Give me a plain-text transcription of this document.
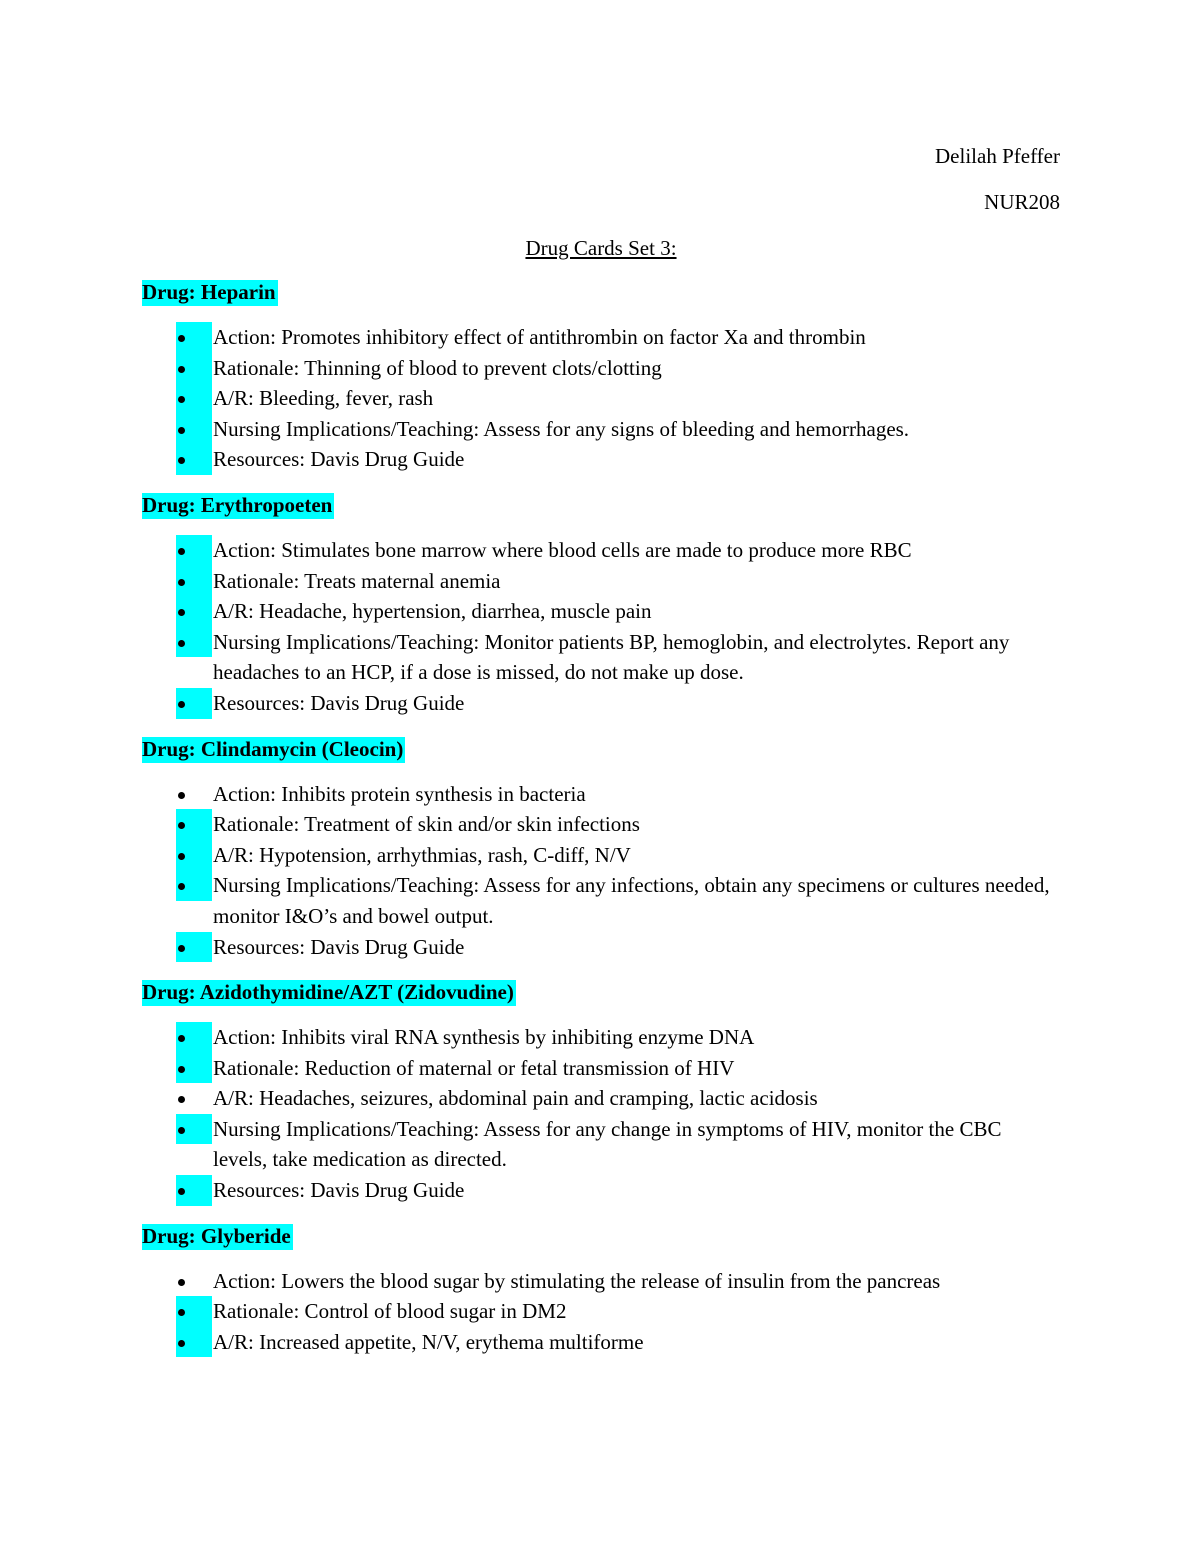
Delilah Pfeffer
NUR208
Drug Cards Set 3:
Drug: Heparin
Action: Promotes inhibitory effect of antithrombin on factor Xa and thrombin
Rationale: Thinning of blood to prevent clots/clotting
A/R: Bleeding, fever, rash
Nursing Implications/Teaching: Assess for any signs of bleeding and hemorrhages.
Resources: Davis Drug Guide
Drug: Erythropoeten
Action: Stimulates bone marrow where blood cells are made to produce more RBC
Rationale: Treats maternal anemia
A/R: Headache, hypertension, diarrhea, muscle pain
Nursing Implications/Teaching: Monitor patients BP, hemoglobin, and electrolytes. Report any headaches to an HCP, if a dose is missed, do not make up dose.
Resources: Davis Drug Guide
Drug: Clindamycin (Cleocin)
Action: Inhibits protein synthesis in bacteria
Rationale: Treatment of skin and/or skin infections
A/R: Hypotension, arrhythmias, rash, C-diff, N/V
Nursing Implications/Teaching: Assess for any infections, obtain any specimens or cultures needed, monitor I&O’s and bowel output.
Resources: Davis Drug Guide
Drug: Azidothymidine/AZT (Zidovudine)
Action: Inhibits viral RNA synthesis by inhibiting enzyme DNA
Rationale: Reduction of maternal or fetal transmission of HIV
A/R: Headaches, seizures, abdominal pain and cramping, lactic acidosis
Nursing Implications/Teaching: Assess for any change in symptoms of HIV, monitor the CBC levels, take medication as directed.
Resources: Davis Drug Guide
Drug: Glyberide
Action: Lowers the blood sugar by stimulating the release of insulin from the pancreas
Rationale: Control of blood sugar in DM2
A/R: Increased appetite, N/V, erythema multiforme
